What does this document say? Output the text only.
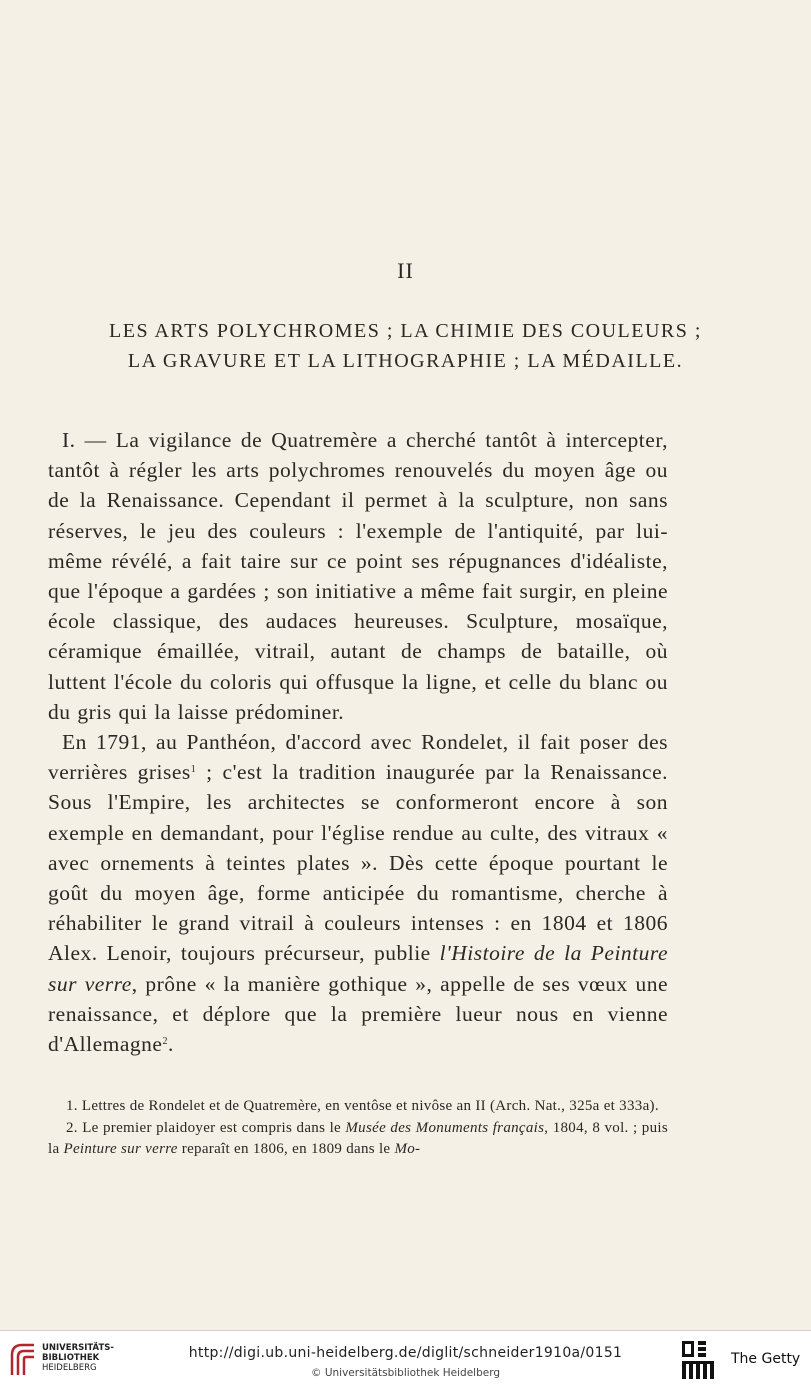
II
LES ARTS POLYCHROMES ; LA CHIMIE DES COULEURS ;
LA GRAVURE ET LA LITHOGRAPHIE ; LA MÉDAILLE.

I. — La vigilance de Quatremère a cherché tantôt à intercepter, tantôt à régler les arts polychromes renouvelés du moyen âge ou de la Renaissance. Cependant il permet à la sculpture, non sans réserves, le jeu des couleurs : l'exemple de l'antiquité, par lui-même révélé, a fait taire sur ce point ses répugnances d'idéaliste, que l'époque a gardées ; son initiative a même fait surgir, en pleine école classique, des audaces heureuses. Sculpture, mosaïque, céramique émaillée, vitrail, autant de champs de bataille, où luttent l'école du coloris qui offusque la ligne, et celle du blanc ou du gris qui la laisse prédominer.

En 1791, au Panthéon, d'accord avec Rondelet, il fait poser des verrières grises$^1$ ; c'est la tradition inaugurée par la Renaissance. Sous l'Empire, les architectes se conformeront encore à son exemple en demandant, pour l'église rendue au culte, des vitraux « avec ornements à teintes plates ». Dès cette époque pourtant le goût du moyen âge, forme anticipée du romantisme, cherche à réhabiliter le grand vitrail à couleurs intenses : en 1804 et 1806 Alex. Lenoir, toujours précurseur, publie l'Histoire de la Peinture sur verre, prône « la manière gothique », appelle de ses vœux une renaissance, et déplore que la première lueur nous en vienne d'Allemagne$^2$.

1. Lettres de Rondelet et de Quatremère, en ventôse et nivôse an II (Arch. Nat., 325a et 333a).

2. Le premier plaidoyer est compris dans le Musée des Monuments français, 1804, 8 vol. ; puis la Peinture sur verre reparaît en 1806, en 1809 dans le Mo-

UNIVERSITÄTS-
BIBLIOTHEK
HEIDELBERG
http://digi.ub.uni-heidelberg.de/diglit/schneider1910a/0151
© Universitätsbibliothek Heidelberg
The Getty
